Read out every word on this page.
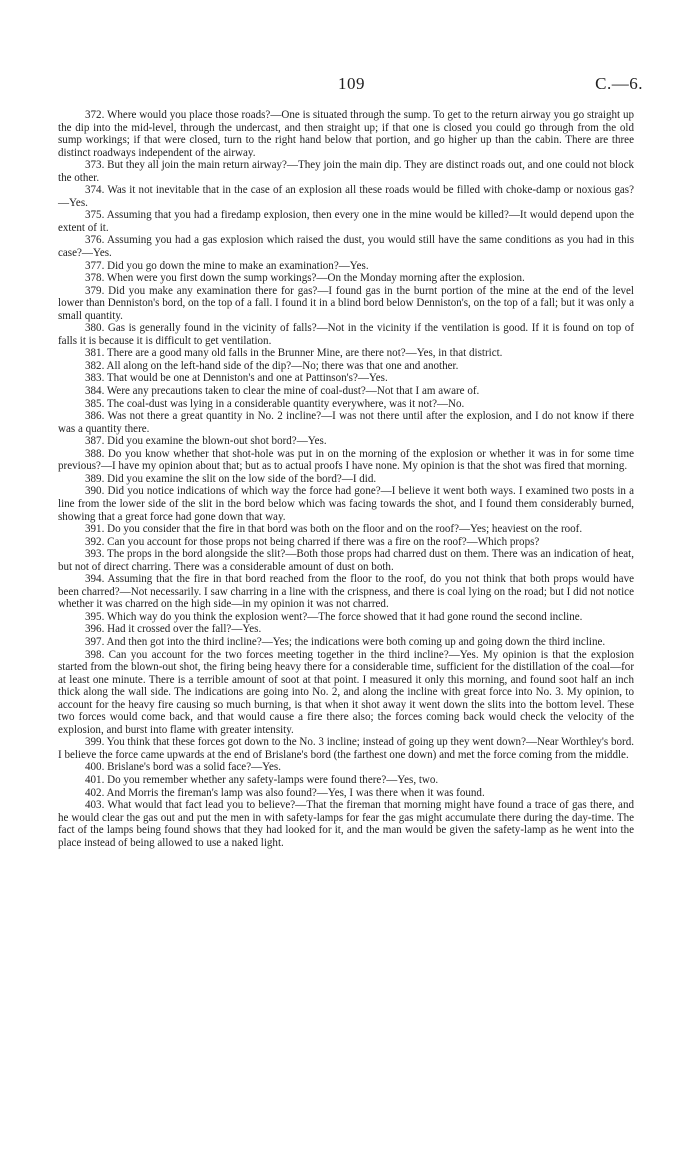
109	C.—6.

372. Where would you place those roads?—One is situated through the sump. To get to the return airway you go straight up the dip into the mid-level, through the undercast, and then straight up; if that one is closed you could go through from the old sump workings; if that were closed, turn to the right hand below that portion, and go higher up than the cabin. There are three distinct roadways independent of the airway.

373. But they all join the main return airway?—They join the main dip. They are distinct roads out, and one could not block the other.

374. Was it not inevitable that in the case of an explosion all these roads would be filled with choke-damp or noxious gas?—Yes.

375. Assuming that you had a firedamp explosion, then every one in the mine would be killed?—It would depend upon the extent of it.

376. Assuming you had a gas explosion which raised the dust, you would still have the same conditions as you had in this case?—Yes.

377. Did you go down the mine to make an examination?—Yes.

378. When were you first down the sump workings?—On the Monday morning after the explosion.

379. Did you make any examination there for gas?—I found gas in the burnt portion of the mine at the end of the level lower than Denniston's bord, on the top of a fall. I found it in a blind bord below Denniston's, on the top of a fall; but it was only a small quantity.

380. Gas is generally found in the vicinity of falls?—Not in the vicinity if the ventilation is good. If it is found on top of falls it is because it is difficult to get ventilation.

381. There are a good many old falls in the Brunner Mine, are there not?—Yes, in that district.

382. All along on the left-hand side of the dip?—No; there was that one and another.

383. That would be one at Denniston's and one at Pattinson's?—Yes.

384. Were any precautions taken to clear the mine of coal-dust?—Not that I am aware of.

385. The coal-dust was lying in a considerable quantity everywhere, was it not?—No.

386. Was not there a great quantity in No. 2 incline?—I was not there until after the explosion, and I do not know if there was a quantity there.

387. Did you examine the blown-out shot bord?—Yes.

388. Do you know whether that shot-hole was put in on the morning of the explosion or whether it was in for some time previous?—I have my opinion about that; but as to actual proofs I have none. My opinion is that the shot was fired that morning.

389. Did you examine the slit on the low side of the bord?—I did.

390. Did you notice indications of which way the force had gone?—I believe it went both ways. I examined two posts in a line from the lower side of the slit in the bord below which was facing towards the shot, and I found them considerably burned, showing that a great force had gone down that way.

391. Do you consider that the fire in that bord was both on the floor and on the roof?—Yes; heaviest on the roof.

392. Can you account for those props not being charred if there was a fire on the roof?—Which props?

393. The props in the bord alongside the slit?—Both those props had charred dust on them. There was an indication of heat, but not of direct charring. There was a considerable amount of dust on both.

394. Assuming that the fire in that bord reached from the floor to the roof, do you not think that both props would have been charred?—Not necessarily. I saw charring in a line with the crispness, and there is coal lying on the road; but I did not notice whether it was charred on the high side—in my opinion it was not charred.

395. Which way do you think the explosion went?—The force showed that it had gone round the second incline.

396. Had it crossed over the fall?—Yes.

397. And then got into the third incline?—Yes; the indications were both coming up and going down the third incline.

398. Can you account for the two forces meeting together in the third incline?—Yes. My opinion is that the explosion started from the blown-out shot, the firing being heavy there for a considerable time, sufficient for the distillation of the coal—for at least one minute. There is a terrible amount of soot at that point. I measured it only this morning, and found soot half an inch thick along the wall side. The indications are going into No. 2, and along the incline with great force into No. 3. My opinion, to account for the heavy fire causing so much burning, is that when it shot away it went down the slits into the bottom level. These two forces would come back, and that would cause a fire there also; the forces coming back would check the velocity of the explosion, and burst into flame with greater intensity.

399. You think that these forces got down to the No. 3 incline; instead of going up they went down?—Near Worthley's bord. I believe the force came upwards at the end of Brislane's bord (the farthest one down) and met the force coming from the middle.

400. Brislane's bord was a solid face?—Yes.

401. Do you remember whether any safety-lamps were found there?—Yes, two.

402. And Morris the fireman's lamp was also found?—Yes, I was there when it was found.

403. What would that fact lead you to believe?—That the fireman that morning might have found a trace of gas there, and he would clear the gas out and put the men in with safety-lamps for fear the gas might accumulate there during the day-time. The fact of the lamps being found shows that they had looked for it, and the man would be given the safety-lamp as he went into the place instead of being allowed to use a naked light.
